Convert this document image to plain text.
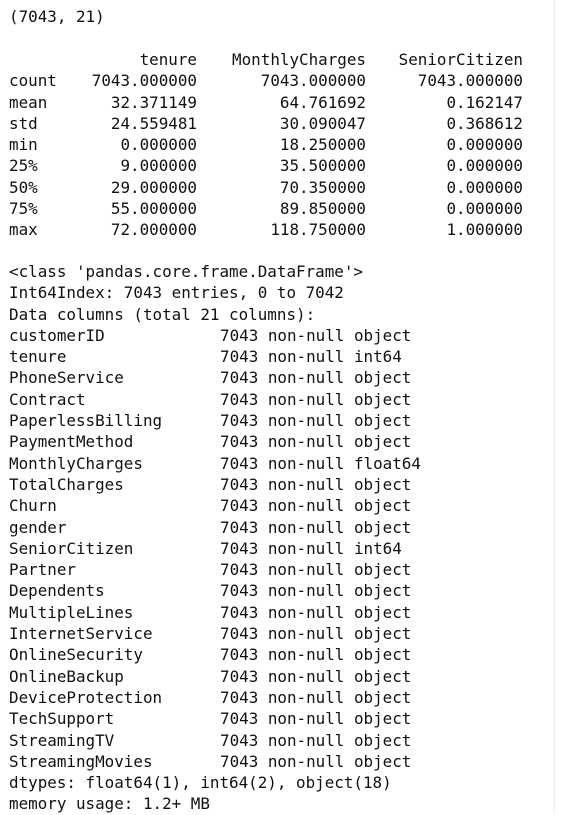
(7043, 21)
tenure MonthlyCharges SeniorCitizen
count 7043.000000	7043.000000	7043.000000
mean	32.371149	64.761692	0.162147
std	24.559481	30.090047	0.368612
min	0.000000	18.250000	0.000000
25%	9.000000	35.500000	0.000000
50%	29.000000	70.350000	0.000000
75%	55.000000	89.850000	0.000000
max	72.000000	118.750000	1.000000
<class 'pandas.core.frame.DataFrame'>
Int64Index: 7043 entries, 0 to 7042
Data columns (total 21 columns):
customerID	7043 non-null object
tenure	7043 non-null int64
PhoneService	7043 non-null object
Contract	7043 non-null object
PaperlessBilling	7043 non-null object
PaymentMethod	7043 non-null object
MonthlyCharges	7043 non-null float64
TotalCharges	7043 non-null object
Churn	7043 non-null object
gender	7043 non-null object
SeniorCitizen	7043 non-null int64
Partner	7043 non-null object
Dependents	7043 non-null object
MultipleLines	7043 non-null object
InternetService	7043 non-null object
OnlineSecurity	7043 non-null object
OnlineBackup	7043 non-null object
DeviceProtection	7043 non-null object
TechSupport	7043 non-null object
StreamingTV	7043 non-null object
StreamingMovies	7043 non-null object
dtypes: float64(1), int64(2), object(18)
memory usage: 1.2+ MB
